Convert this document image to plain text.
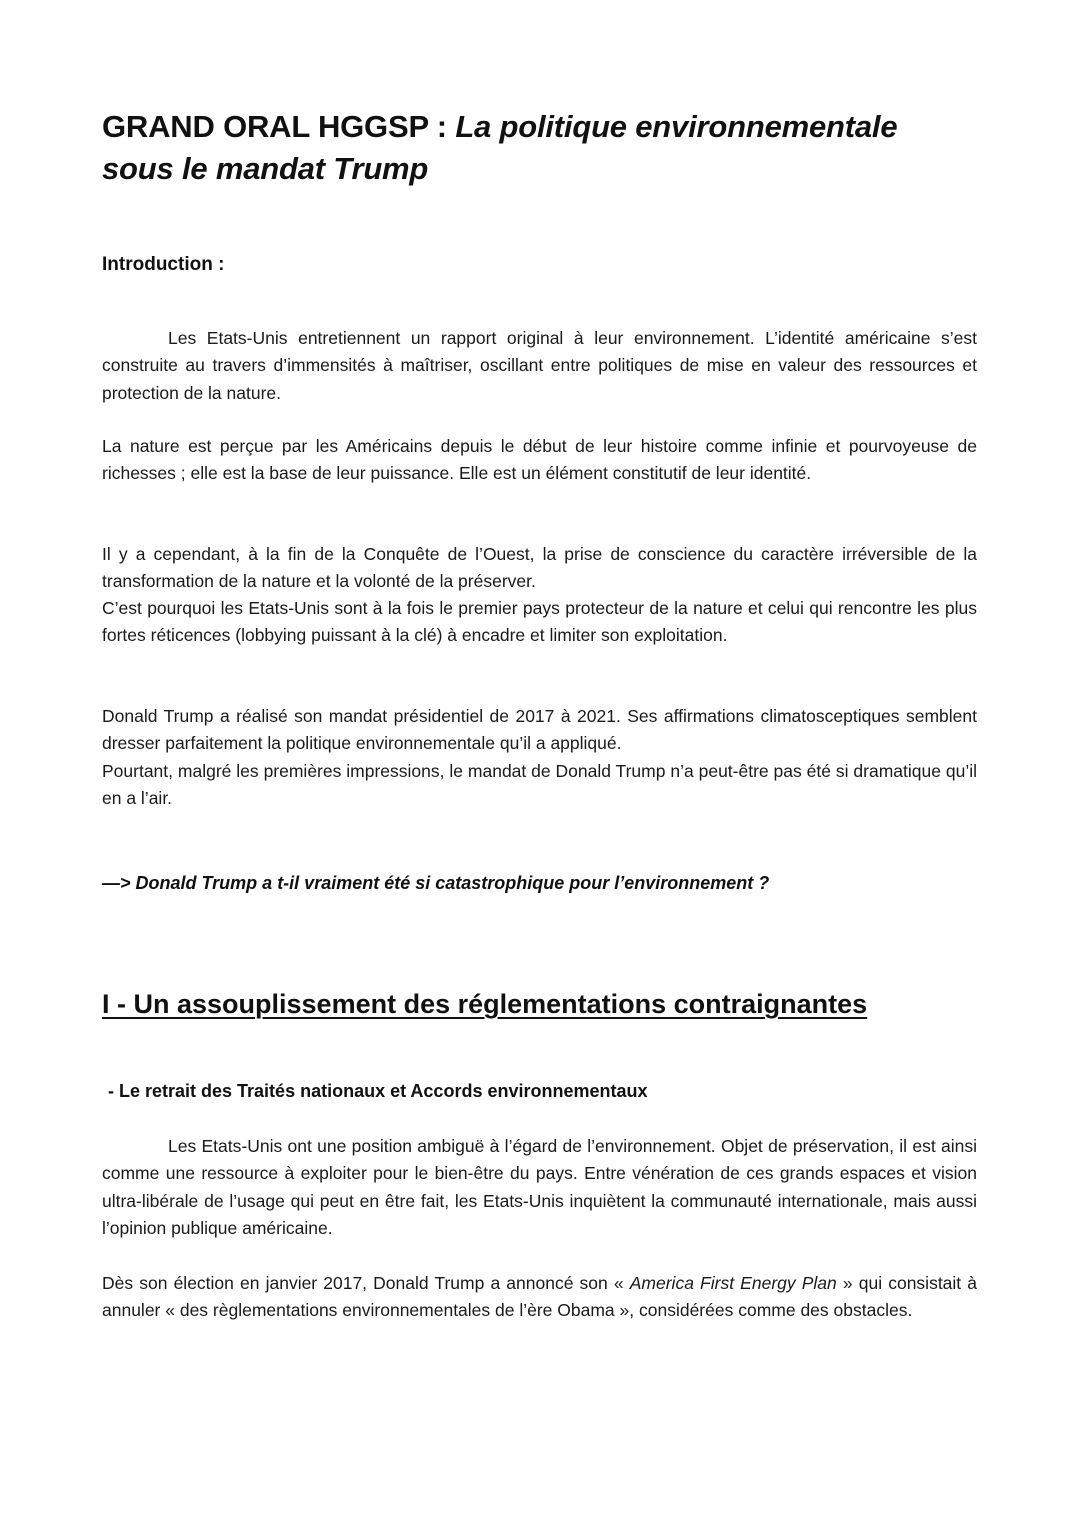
GRAND ORAL HGGSP : La politique environnementale sous le mandat Trump
Introduction :

Les Etats-Unis entretiennent un rapport original à leur environnement. L’identité américaine s’est construite au travers d’immensités à maîtriser, oscillant entre politiques de mise en valeur des ressources et protection de la nature.

La nature est perçue par les Américains depuis le début de leur histoire comme infinie et pourvoyeuse de richesses ; elle est la base de leur puissance. Elle est un élément constitutif de leur identité.

Il y a cependant, à la fin de la Conquête de l’Ouest, la prise de conscience du caractère irréversible de la transformation de la nature et la volonté de la préserver.

C’est pourquoi les Etats-Unis sont à la fois le premier pays protecteur de la nature et celui qui rencontre les plus fortes réticences (lobbying puissant à la clé) à encadre et limiter son exploitation.

Donald Trump a réalisé son mandat présidentiel de 2017 à 2021. Ses affirmations climatosceptiques semblent dresser parfaitement la politique environnementale qu’il a appliqué.

Pourtant, malgré les premières impressions, le mandat de Donald Trump n’a peut-être pas été si dramatique qu’il en a l’air.

—> Donald Trump a t-il vraiment été si catastrophique pour l’environnement ?

I - Un assouplissement des réglementations contraignantes
- Le retrait des Traités nationaux et Accords environnementaux

Les Etats-Unis ont une position ambiguë à l’égard de l’environnement. Objet de préservation, il est ainsi comme une ressource à exploiter pour le bien-être du pays. Entre vénération de ces grands espaces et vision ultra-libérale de l’usage qui peut en être fait, les Etats-Unis inquiètent la communauté internationale, mais aussi l’opinion publique américaine.

Dès son élection en janvier 2017, Donald Trump a annoncé son « America First Energy Plan » qui consistait à annuler « des règlementations environnementales de l’ère Obama », considérées comme des obstacles.
